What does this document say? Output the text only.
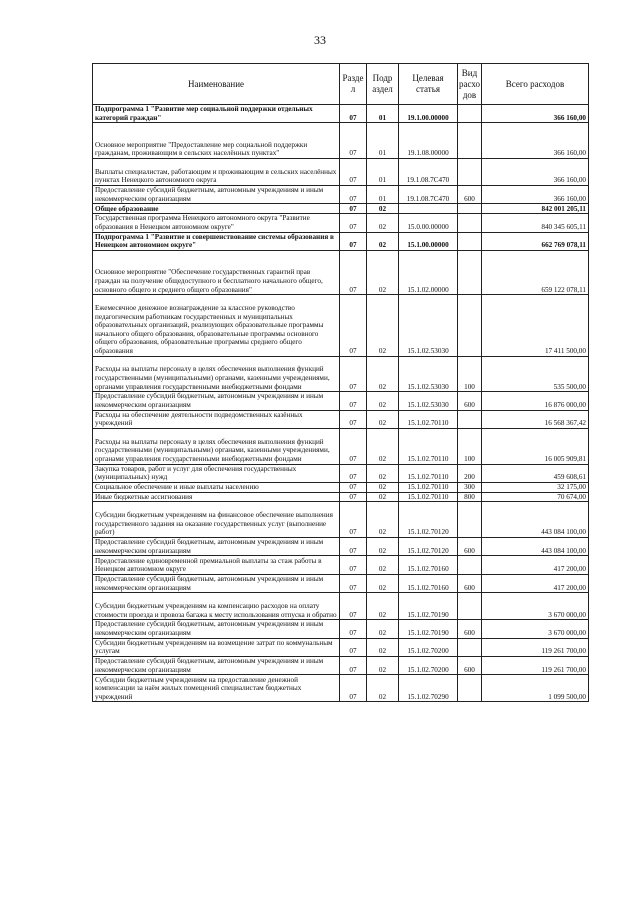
33
Наименование	Разде л	Подр аздел	Целевая статья	Вид расхо дов	Всего расходов
Подпрограмма 1 "Развитие мер социальной поддержки отдельных категорий граждан"	07	01	19.1.00.00000		366 160,00
Основное мероприятие "Предоставление мер социальной поддержки гражданам, проживающим в сельских населённых пунктах"	07	01	19.1.08.00000		366 160,00
Выплаты специалистам, работающим и проживающим в сельских населённых пунктах Ненецкого автономного округа	07	01	19.1.08.7С470		366 160,00
Предоставление субсидий бюджетным, автономным учреждениям и иным некоммерческим организациям	07	01	19.1.08.7С470	600	366 160,00
Общее образование	07	02			842 001 205,11
Государственная программа Ненецкого автономного округа "Развитие образования в Ненецком автономном округе"	07	02	15.0.00.00000		840 345 605,11
Подпрограмма 1 "Развитие и совершенствование системы образования в Ненецком автономном округе"	07	02	15.1.00.00000		662 769 078,11
Основное мероприятие "Обеспечение государственных гарантий прав граждан на получение общедоступного и бесплатного начального общего, основного общего и среднего общего образования"	07	02	15.1.02.00000		659 122 078,11
Ежемесячное денежное вознаграждение за классное руководство педагогическим работникам государственных и муниципальных образовательных организаций, реализующих образовательные программы начального общего образования, образовательные программы основного общего образования, образовательные программы среднего общего образования	07	02	15.1.02.53030		17 411 500,00
Расходы на выплаты персоналу в целях обеспечения выполнения функций государственными (муниципальными) органами, казенными учреждениями, органами управления государственными внебюджетными фондами	07	02	15.1.02.53030	100	535 500,00
Предоставление субсидий бюджетным, автономным учреждениям и иным некоммерческим организациям	07	02	15.1.02.53030	600	16 876 000,00
Расходы на обеспечение деятельности подведомственных казённых учреждений	07	02	15.1.02.70110		16 568 367,42
Расходы на выплаты персоналу в целях обеспечения выполнения функций государственными (муниципальными) органами, казенными учреждениями, органами управления государственными внебюджетными фондами	07	02	15.1.02.70110	100	16 005 909,81
Закупка товаров, работ и услуг для обеспечения государственных (муниципальных) нужд	07	02	15.1.02.70110	200	459 608,61
Социальное обеспечение и иные выплаты населению	07	02	15.1.02.70110	300	32 175,00
Иные бюджетные ассигнования	07	02	15.1.02.70110	800	70 674,00
Субсидии бюджетным учреждениям на финансовое обеспечение выполнения государственного задания на оказание государственных услуг (выполнение работ)	07	02	15.1.02.70120		443 084 100,00
Предоставление субсидий бюджетным, автономным учреждениям и иным некоммерческим организациям	07	02	15.1.02.70120	600	443 084 100,00
Предоставление единовременной премиальной выплаты за стаж работы в Ненецком автономном округе	07	02	15.1.02.70160		417 200,00
Предоставление субсидий бюджетным, автономным учреждениям и иным некоммерческим организациям	07	02	15.1.02.70160	600	417 200,00
Субсидии бюджетным учреждениям на компенсацию расходов на оплату стоимости проезда и провоза багажа к месту использования отпуска и обратно	07	02	15.1.02.70190		3 670 000,00
Предоставление субсидий бюджетным, автономным учреждениям и иным некоммерческим организациям	07	02	15.1.02.70190	600	3 670 000,00
Субсидии бюджетным учреждениям на возмещение затрат по коммунальным услугам	07	02	15.1.02.70200		119 261 700,00
Предоставление субсидий бюджетным, автономным учреждениям и иным некоммерческим организациям	07	02	15.1.02.70200	600	119 261 700,00
Субсидии бюджетным учреждениям на предоставление денежной компенсации за наём жилых помещений специалистам бюджетных учреждений	07	02	15.1.02.70290		1 099 500,00
